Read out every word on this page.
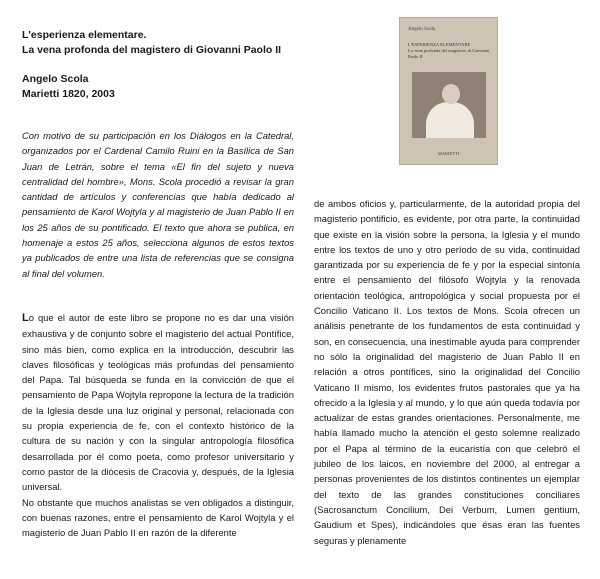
L'esperienza elementare.
La vena profonda del magistero di Giovanni Paolo II
Angelo Scola
Marietti 1820, 2003
Angelo Scola
L'ESPERIENZA ELEMENTARE
La vena profonda del magistero di Giovanni Paolo II
MARIETTI
Con motivo de su participación en los Diálogos en la Catedral, organizados por el Cardenal Camilo Ruini en la Basílica de San Juan de Letrán, sobre el tema «El fin del sujeto y nueva centralidad del hombre», Mons. Scola procedió a revisar la gran cantidad de artículos y conferencias que había dedicado al pensamiento de Karol Wojtyla y al magisterio de Juan Pablo II en los 25 años de su pontificado. El texto que ahora se publica, en homenaje a estos 25 años, selecciona algunos de estos textos ya publicados de entre una lista de referencias que se consigna al final del volumen.

Lo que el autor de este libro se propone no es dar una visión exhaustiva y de conjunto sobre el magisterio del actual Pontífice, sino más bien, como explica en la introducción, descubrir las claves filosóficas y teológicas más profundas del pensamiento del Papa. Tal búsqueda se funda en la convicción de que el pensamiento de Papa Wojtyla repropone la lectura de la tradición de la Iglesia desde una luz original y personal, relacionada con su propia experiencia de fe, con el contexto histórico de la cultura de su nación y con la singular antropología filosófica desarrollada por él como poeta, como profesor universitario y como pastor de la diócesis de Cracovia y, después, de la Iglesia universal.

No obstante que muchos analistas se ven obligados a distinguir, con buenas razones, entre el pensamiento de Karol Wojtyla y el magisterio de Juan Pablo II en razón de la diferente

de ambos oficios y, particularmente, de la autoridad propia del magisterio pontificio, es evidente, por otra parte, la continuidad que existe en la visión sobre la persona, la Iglesia y el mundo entre los textos de uno y otro período de su vida, continuidad garantizada por su experiencia de fe y por la especial sintonía entre el pensamiento del filósofo Wojtyla y la renovada orientación teológica, antropológica y social propuesta por el Concilio Vaticano II. Los textos de Mons. Scola ofrecen un análisis penetrante de los fundamentos de esta continuidad y son, en consecuencia, una inestimable ayuda para comprender no sólo la originalidad del magisterio de Juan Pablo II en relación a otros pontífices, sino la originalidad del Concilio Vaticano II mismo, los evidentes frutos pastorales que ya ha ofrecido a la Iglesia y al mundo, y lo que aún queda todavía por actualizar de estas grandes orientaciones. Personalmente, me había llamado mucho la atención el gesto solemne realizado por el Papa al término de la eucaristía con que celebró el jubileo de los laicos, en noviembre del 2000, al entregar a personas provenientes de los distintos continentes un ejemplar del texto de las grandes constituciones conciliares (Sacrosanctum Concilium, Dei Verbum, Lumen gentium, Gaudium et Spes), indicándoles que ésas eran las fuentes seguras y plenamente
